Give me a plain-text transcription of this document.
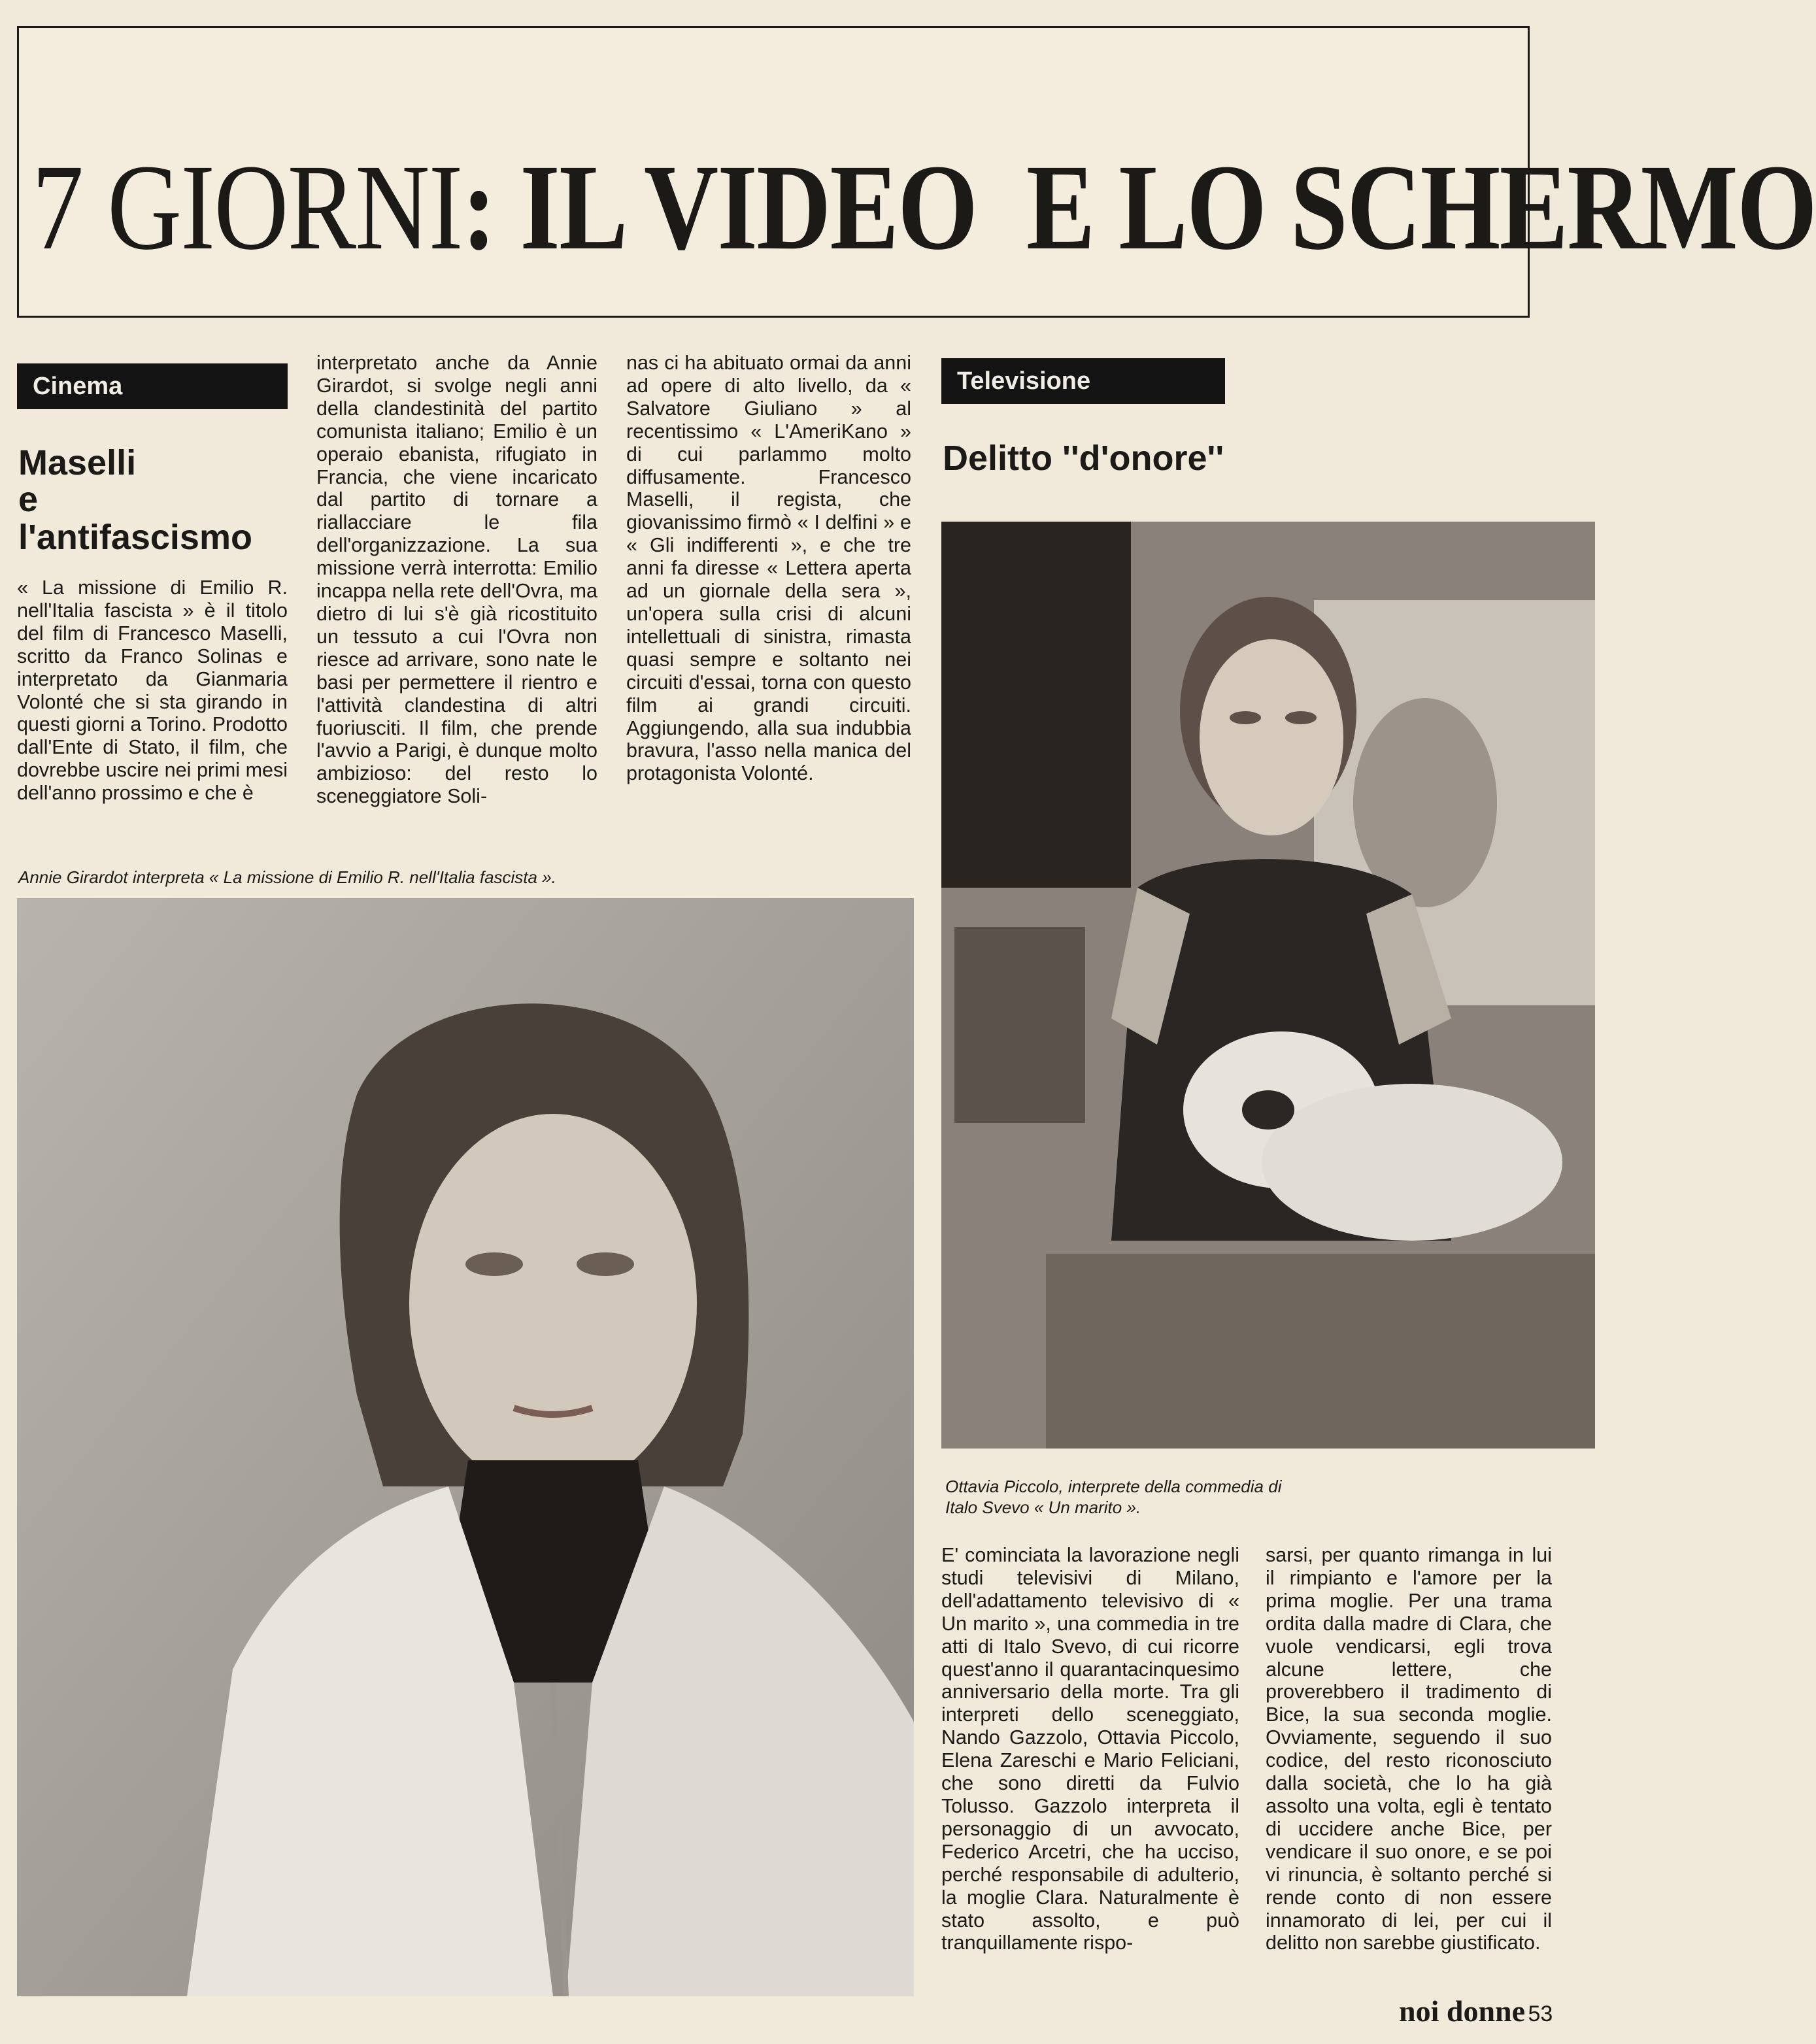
7 GIORNI: IL VIDEO  E LO SCHERMO
Cinema

Maselli

e

l'antifascismo

« La missione di Emilio R. nell'Italia fascista » è il titolo del film di Francesco Maselli, scritto da Franco Solinas e interpretato da Gianmaria Volonté che si sta girando in questi giorni a Torino. Prodotto dall'Ente di Stato, il film, che dovrebbe uscire nei primi mesi dell'anno prossimo e che è

interpretato anche da Annie Girardot, si svolge negli anni della clandestinità del partito comunista italiano; Emilio è un operaio ebanista, rifugiato in Francia, che viene incaricato dal partito di tornare a riallacciare le fila dell'organizzazione. La sua missione verrà interrotta: Emilio incappa nella rete dell'Ovra, ma dietro di lui s'è già ricostituito un tessuto a cui l'Ovra non riesce ad arrivare, sono nate le basi per permettere il rientro e l'attività clandestina di altri fuoriusciti. Il film, che prende l'avvio a Parigi, è dunque molto ambizioso: del resto lo sceneggiatore Soli-

nas ci ha abituato ormai da anni ad opere di alto livello, da « Salvatore Giuliano » al recentissimo « L'AmeriKano » di cui parlammo molto diffusamente. Francesco Maselli, il regista, che giovanissimo firmò « I delfini » e « Gli indifferenti », e che tre anni fa diresse « Lettera aperta ad un giornale della sera », un'opera sulla crisi di alcuni intellettuali di sinistra, rimasta quasi sempre e soltanto nei circuiti d'essai, torna con questo film ai grandi circuiti. Aggiungendo, alla sua indubbia bravura, l'asso nella manica del protagonista Volonté.

Annie Girardot interpreta « La missione di Emilio R. nell'Italia fascista ».

Televisione
Delitto ''d'onore''

Ottavia Piccolo, interprete della commedia di

Italo Svevo « Un marito ».

E' cominciata la lavorazione negli studi televisivi di Milano, dell'adattamento televisivo di « Un marito », una commedia in tre atti di Italo Svevo, di cui ricorre quest'anno il quarantacinquesimo anniversario della morte. Tra gli interpreti dello sceneggiato, Nando Gazzolo, Ottavia Piccolo, Elena Zareschi e Mario Feliciani, che sono diretti da Fulvio Tolusso. Gazzolo interpreta il personaggio di un avvocato, Federico Arcetri, che ha ucciso, perché responsabile di adulterio, la moglie Clara. Naturalmente è stato assolto, e può tranquillamente rispo-

sarsi, per quanto rimanga in lui il rimpianto e l'amore per la prima moglie. Per una trama ordita dalla madre di Clara, che vuole vendicarsi, egli trova alcune lettere, che proverebbero il tradimento di Bice, la sua seconda moglie. Ovviamente, seguendo il suo codice, del resto riconosciuto dalla società, che lo ha già assolto una volta, egli è tentato di uccidere anche Bice, per vendicare il suo onore, e se poi vi rinuncia, è soltanto perché si rende conto di non essere innamorato di lei, per cui il delitto non sarebbe giustificato.

noi donne 53
